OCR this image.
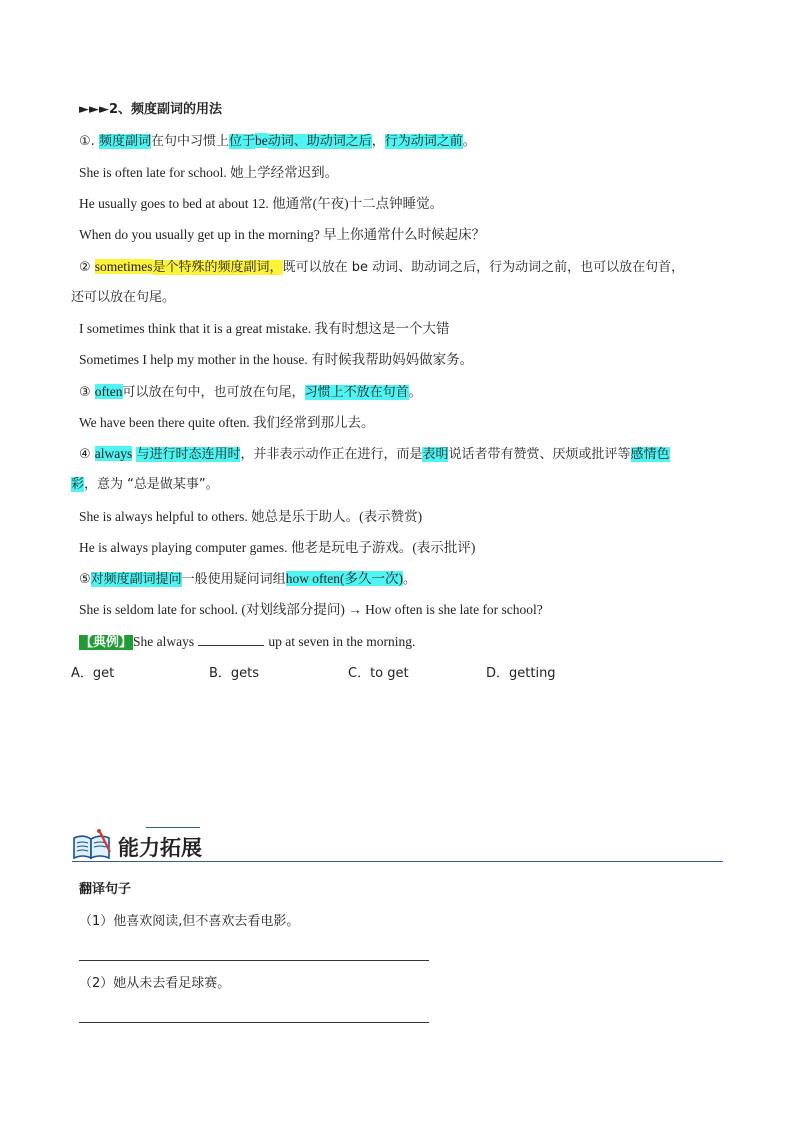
►►►2、频度副词的用法
①. 频度副词在句中习惯上位于be动词、助动词之后，行为动词之前。
She is often late for school. 她上学经常迟到。
He usually goes to bed at about 12. 他通常(午夜)十二点钟睡觉。
When do you usually get up in the morning? 早上你通常什么时候起床？
② sometimes是个特殊的频度副词，既可以放在 be 动词、助动词之后，行为动词之前，也可以放在句首，
还可以放在句尾。
I sometimes think that it is a great mistake. 我有时想这是一个大错
Sometimes I help my mother in the house. 有时候我帮助妈妈做家务。
③ often可以放在句中，也可放在句尾，习惯上不放在句首。
We have been there quite often. 我们经常到那儿去。
④ always 与进行时态连用时，并非表示动作正在进行，而是表明说话者带有赞赏、厌烦或批评等感情色
彩，意为 “总是做某事”。
She is always helpful to others. 她总是乐于助人。(表示赞赏)
He is always playing computer games. 他老是玩电子游戏。(表示批评)
⑤对频度副词提问一般使用疑问词组how often(多久一次)。
She is seldom late for school. (对划线部分提问) → How often is she late for school?
【典例】She always	up at seven in the morning.
A．get	B．gets	C．to get	D．getting
能力拓展
翻译句子
（1）他喜欢阅读,但不喜欢去看电影。
（2）她从未去看足球赛。
